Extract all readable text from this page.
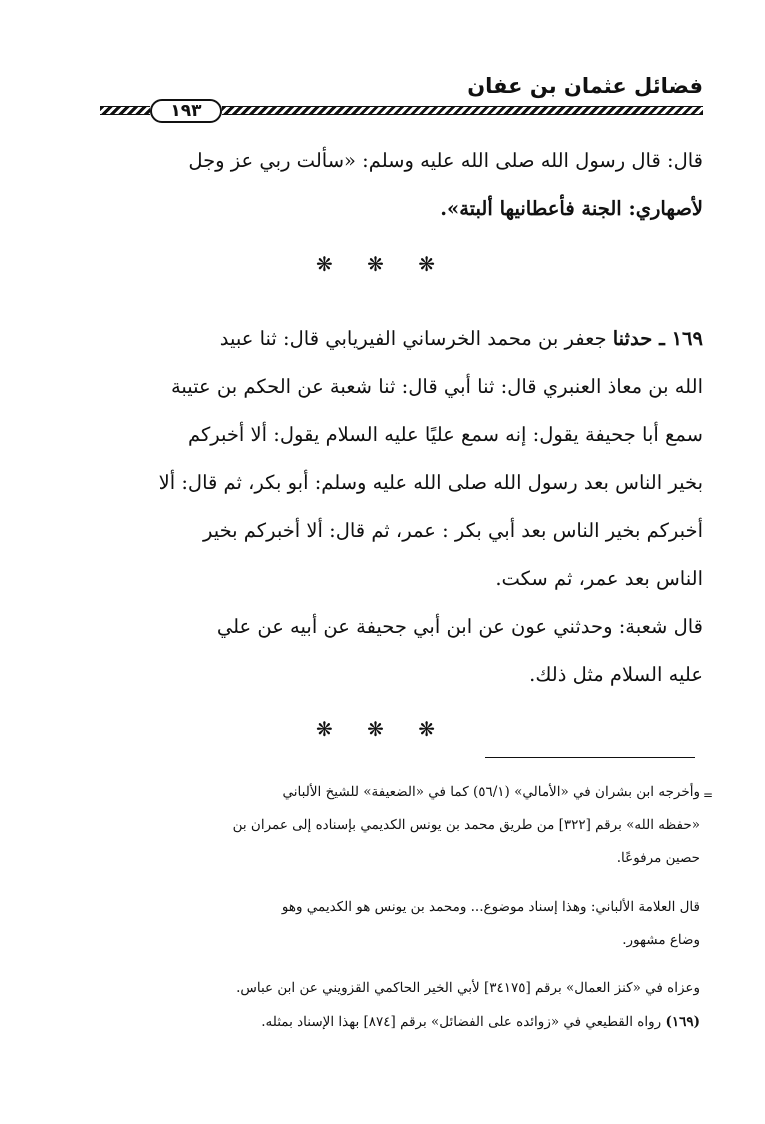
فضائل عثمان بن عفان
١٩٣
قال: قال رسول الله صلى الله عليه وسلم: «سألت ربي عز وجل
لأصهاري: الجنة فأعطانيها ألبتة».
❋ ❋ ❋
١٦٩ ـ حدثنا جعفر بن محمد الخرساني الفيريابي قال: ثنا عبيد
الله بن معاذ العنبري قال: ثنا أبي قال: ثنا شعبة عن الحكم بن عتيبة
سمع أبا جحيفة يقول: إنه سمع عليًا عليه السلام يقول: ألا أخبركم
بخير الناس بعد رسول الله صلى الله عليه وسلم: أبو بكر، ثم قال: ألا
أخبركم بخير الناس بعد أبي بكر : عمر، ثم قال: ألا أخبركم بخير
الناس بعد عمر، ثم سكت.
قال شعبة: وحدثني عون عن ابن أبي جحيفة عن أبيه عن علي
عليه السلام مثل ذلك.
❋ ❋ ❋
=
وأخرجه ابن بشران في «الأمالي» (٥٦/١) كما في «الضعيفة» للشيخ الألباني
«حفظه الله» برقم [٣٢٢] من طريق محمد بن يونس الكديمي بإسناده إلى عمران بن
حصين مرفوعًا.
قال العلامة الألباني: وهذا إسناد موضوع... ومحمد بن يونس هو الكديمي وهو
وضاع مشهور.
وعزاه في «كنز العمال» برقم [٣٤١٧٥] لأبي الخير الحاكمي القزويني عن ابن عباس.
(١٦٩) رواه القطيعي في «زوائده على الفضائل» برقم [٨٧٤] بهذا الإسناد بمثله.
